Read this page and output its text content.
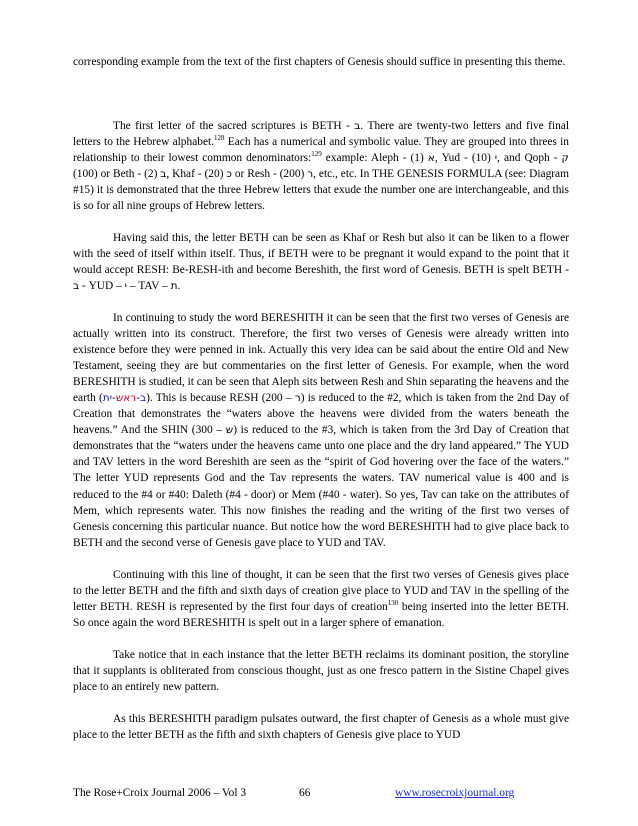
corresponding example from the text of the first chapters of Genesis should suffice in presenting this theme.

The first letter of the sacred scriptures is BETH - ב. There are twenty-two letters and five final letters to the Hebrew alphabet.$^{128}$ Each has a numerical and symbolic value. They are grouped into threes in relationship to their lowest common denominators:$^{129}$ example: Aleph - א (1), Yud - י (10), and Qoph - ק (100) or Beth - ב (2), Khaf - כ (20) or Resh -	ר (200), etc., etc. In THE GENESIS FORMULA (see: Diagram #15) it is demonstrated that the three Hebrew letters that exude the number one are interchangeable, and this is so for all nine groups of Hebrew letters.

Having said this, the letter BETH can be seen as Khaf or Resh but also it can be liken to a flower with the seed of itself within itself. Thus, if BETH were to be pregnant it would expand to the point that it would accept RESH: Be-RESH-ith and become Bereshith, the first word of Genesis. BETH is spelt BETH - ב - YUD – י – TAV – ת.

In continuing to study the word BERESHITH it can be seen that the first two verses of Genesis are actually written into its construct. Therefore, the first two verses of Genesis were already written into existence before they were penned in ink. Actually this very idea can be said about the entire Old and New Testament, seeing they are but commentaries on the first letter of Genesis. For example, when the word BERESHITH is studied, it can be seen that Aleph sits between Resh and Shin separating the heavens and the earth (	ב-ראש-ית	). This is because RESH (200 – ר) is reduced to the #2, which is taken from the 2nd Day of Creation that demonstrates the “waters above the heavens were divided from the waters beneath the heavens.” And the SHIN (300 – ש) is reduced to the #3, which is taken from the 3rd Day of Creation that demonstrates that the “waters under the heavens came unto one place and the dry land appeared.” The YUD and TAV letters in the word Bereshith are seen as the “spirit of God hovering over the face of the waters.” The letter YUD represents God and the Tav represents the waters. TAV numerical value is 400 and is reduced to the #4 or #40: Daleth (#4 - door) or Mem (#40 - water). So yes, Tav can take on the attributes of Mem, which represents water. This now finishes the reading and the writing of the first two verses of Genesis concerning this particular nuance. But notice how the word BERESHITH had to give place back to BETH and the second verse of Genesis gave place to YUD and TAV.

Continuing with this line of thought, it can be seen that the first two verses of Genesis gives place to the letter BETH and the fifth and sixth days of creation give place to YUD and TAV in the spelling of the letter BETH. RESH is represented by the first four days of creation$^{130}$ being inserted into the letter BETH. So once again the word BERESHITH is spelt out in a larger sphere of emanation.

Take notice that in each instance that the letter BETH reclaims its dominant position, the storyline that it supplants is obliterated from conscious thought, just as one fresco pattern in the Sistine Chapel gives place to an entirely new pattern.

As this BERESHITH paradigm pulsates outward, the first chapter of Genesis as a whole must give place to the letter BETH as the fifth and sixth chapters of Genesis give place to YUD

The Rose+Croix Journal 2006 – Vol 3	66	www.rosecroixjournal.org
